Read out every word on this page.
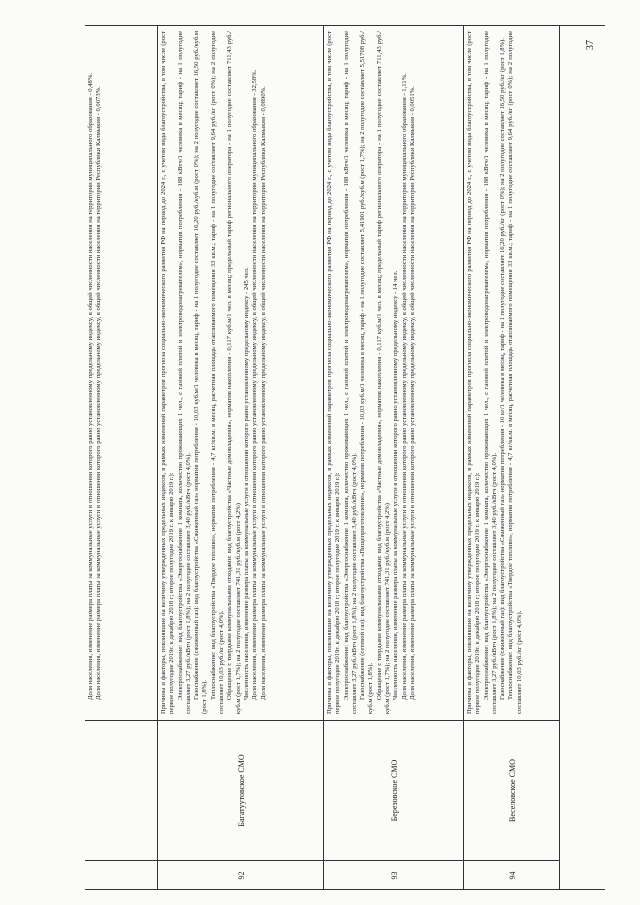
Доля населения, изменение размера платы за коммунальные услуги в отношении которого равно установленному предельному индексу, в общей численности населения на территории муниципального образования - 0,48%. Доля населения, изменение размера платы за коммунальные услуги в отношении которого равно установленному предельному индексу, в общей численности населения на территории Республики Калмыкия - 0,0073%.

92
Багатуутовское СМО

Причины и факторы, повлиявшие на величину утвержденных предельных индексов, в рамках изменений параметров прогноза социально-экономического развития РФ на период до 2024 г., с учетом вида благоустройства, в том числе (рост первое полугодие 2019г. к декабрю 2018 г; второе полугодие 2019 г. к январю 2019 г.): Электроснабжение: вид благоустройства «Энергоснабжение 1 комната, количество проживающих 1 чел., с газовой плитой и электроводонагревателем», норматив потребления - 188 кВтч/1 человека в месяц; тариф - на 1 полугодие составляет 3,27 руб./кВтч (рост 1,8%); на 2 полугодие составляет 3,40 руб./кВтч (рост 4,0%). Газоснабжение (сжиженный газ): вид благоустройства «Сжиженный газ» норматив потребления - 10,03 куб.м/1 человека в месяц, тариф - на 1 полугодие составляет 16,20 руб./куб.м (рост 0%); на 2 полугодие составляет 16,50 руб./куб.м (рост 1,8%). Теплоснабжение: вид благоустройства «Твердое топливо», норматив потребления - 4,7 кг/кв.м. в месяц, расчетная площадь отапливаемого помещения 33 кв.м.; тариф - на 1 полугодие составляет 9,64 руб./кг (рост 0%); на 2 полугодие составляет 10,03 руб./кг (рост 4,0%). Обращение с твердыми коммунальными отходами: вид благоустройства «Частные домовладения», норматив накопления - 0,117 куб.м/1 чел. в месяц; предельный тариф регионального оператора - на 1 полугодие составляет 711,43 руб./куб.м (рост 1,7%); на 2 полугодие составляет 741,31 руб./куб.м (рост 4,2%) Численность населения, изменение размера платы за коммунальные услуги в отношении которого равно установленному предельному индексу - 245 чел. Доля населения, изменение размера платы за коммунальные услуги в отношении которого равно установленному предельному индексу, в общей численности населения на территории муниципального образования - 32,58%. Доля населения, изменение размера платы за коммунальные услуги в отношении которого равно установленному предельному индексу, в общей численности населения на территории Республики Калмыкия - 0,0890%.

93
Березовское СМО

Причины и факторы, повлиявшие на величину утвержденных предельных индексов, в рамках изменений параметров прогноза социально-экономического развития РФ на период до 2024 г., с учетом вида благоустройства, в том числе (рост первое полугодие 2019г. к декабрю 2018 г; второе полугодие 2019 г. к январю 2019 г.): Электроснабжение: вид благоустройства «Энергоснабжение 1 комната, количество проживающих 1 чел., с газовой плитой и электроводонагревателем», норматив потребления - 188 кВтч/1 человека в месяц; тариф - на 1 полугодие составляет 3,27 руб./кВтч (рост 1,8%); на 2 полугодие составляет 3,40 руб./кВтч (рост 4,0%). Газоснабжение (сетевой газ): вид благоустройства «Пищеприготовление», норматив потребления - 10,03 куб.м/1 человека в месяц, тариф - на 1 полугодие составляет 5,41901 руб./куб.м (рост 1,7%); на 2 полугодие составляет 5,51708 руб./куб.м (рост 1,8%). Обращение с твердыми коммунальными отходами: вид благоустройства «Частные домовладения», норматив накопления - 0,117 куб.м/1 чел. в месяц; предельный тариф регионального оператора - на 1 полугодие составляет 711,43 руб./куб.м (рост 1,7%); на 2 полугодие составляет 741,31 руб./куб.м (рост 4,2%) Численность населения, изменение размера платы за коммунальные услуги в отношении которого равно установленному предельному индексу - 14 чел. Доля населения, изменение размера платы за коммунальные услуги в отношении которого равно установленному предельному индексу, в общей численности населения на территории муниципального образования - 1,11%. Доля населения, изменение размера платы за коммунальные услуги в отношении которого равно установленному предельному индексу, в общей численности населения на территории Республики Калмыкия - 0,0051%.

94
Веселовское СМО

Причины и факторы, повлиявшие на величину утвержденных предельных индексов, в рамках изменений параметров прогноза социально-экономического развития РФ на период до 2024 г., с учетом вида благоустройства, в том числе (рост первое полугодие 2019г. к декабрю 2018 г; второе полугодие 2019 г. к январю 2019 г.): Электроснабжение: вид благоустройства «Энергоснабжение 1 комната, количество проживающих 1 чел., с газовой плитой и электроводонагревателем», норматив потребления - 188 кВтч/1 человека в месяц; тариф - на 1 полугодие составляет 3,27 руб./кВтч (рост 1,8%); на 2 полугодие составляет 3,40 руб./кВтч (рост 4,0%). Газоснабжение (сжиженный газ): вид благоустройства «Сжиженный газ» норматив потребления - 10 кг/1 человека в месяц, тариф - на 1 полугодие составляет 16,20 руб./кг (рост 0%); на 2 полугодие составляет 16,50 руб./кг (рост 1,8%). Теплоснабжение: вид благоустройства «Твердое топливо», норматив потребления - 4,7 кг/кв.м. в месяц, расчетная площадь отапливаемого помещения 33 кв.м.; тариф - на 1 полугодие составляет 9,64 руб./кг (рост 0%); на 2 полугодие составляет 10,03 руб./кг (рост 4,0%).

37
